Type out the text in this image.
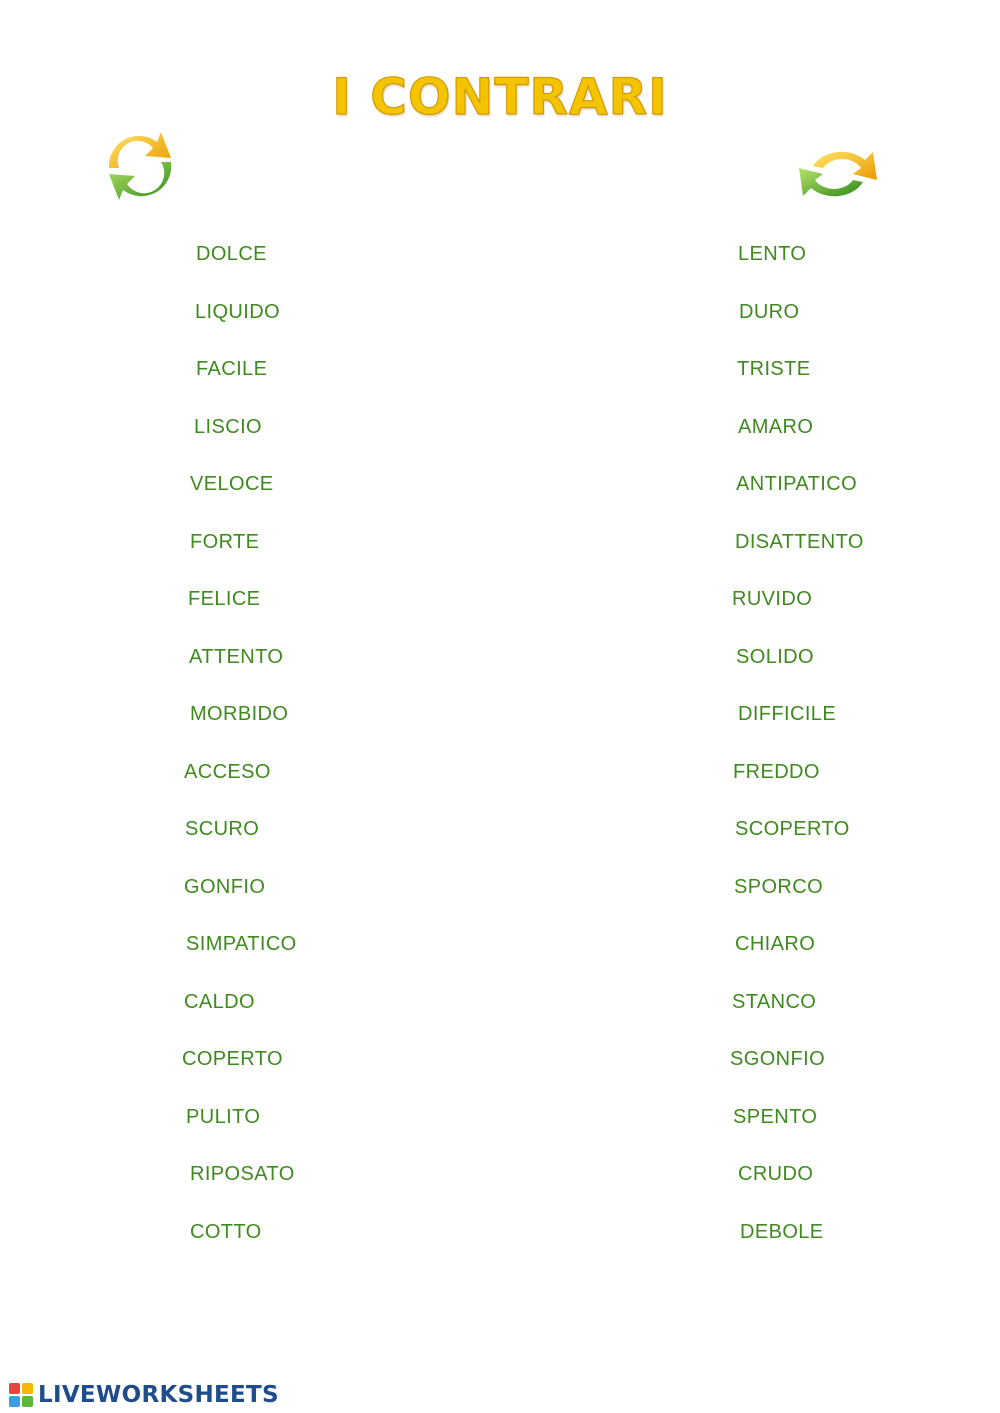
I CONTRARI
DOLCE
LIQUIDO
FACILE
LISCIO
VELOCE
FORTE
FELICE
ATTENTO
MORBIDO
ACCESO
SCURO
GONFIO
SIMPATICO
CALDO
COPERTO
PULITO
RIPOSATO
COTTO
LENTO
DURO
TRISTE
AMARO
ANTIPATICO
DISATTENTO
RUVIDO
SOLIDO
DIFFICILE
FREDDO
SCOPERTO
SPORCO
CHIARO
STANCO
SGONFIO
SPENTO
CRUDO
DEBOLE
LIVEWORKSHEETS
